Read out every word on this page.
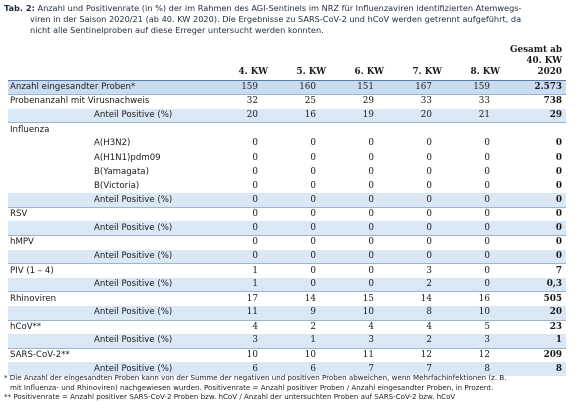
Tab. 2: Anzahl und Positivenrate (in %) der im Rahmen des AGI-Sentinels im NRZ für Influenzaviren identifizierten Atemwegs-
viren in der Saison 2020/21 (ab 40. KW 2020). Die Ergebnisse zu SARS-CoV-2 und hCoV werden getrennt aufgeführt, da
nicht alle Sentinelproben auf diese Erreger untersucht werden konnten.
	4. KW	5. KW	6. KW	7. KW	8. KW	Gesamt ab
40. KW 2020
Anzahl eingesandter Proben*	159	160	151	167	159	2.573
Probenanzahl mit Virusnachweis	32	25	29	33	33	738
Anteil Positive (%)	20	16	19	20	21	29
Influenza						
A(H3N2)	0	0	0	0	0	0
A(H1N1)pdm09	0	0	0	0	0	0
B(Yamagata)	0	0	0	0	0	0
B(Victoria)	0	0	0	0	0	0
Anteil Positive (%)	0	0	0	0	0	0
RSV	0	0	0	0	0	0
Anteil Positive (%)	0	0	0	0	0	0
hMPV	0	0	0	0	0	0
Anteil Positive (%)	0	0	0	0	0	0
PIV (1 – 4)	1	0	0	3	0	7
Anteil Positive (%)	1	0	0	2	0	0,3
Rhinoviren	17	14	15	14	16	505
Anteil Positive (%)	11	9	10	8	10	20
hCoV**	4	2	4	4	5	23
Anteil Positive (%)	3	1	3	2	3	1
SARS-CoV-2**	10	10	11	12	12	209
Anteil Positive (%)	6	6	7	7	8	8
* Die Anzahl der eingesandten Proben kann von der Summe der negativen und positiven Proben abweichen, wenn Mehrfachinfektionen (z. B.
mit Influenza- und Rhinoviren) nachgewiesen wurden. Positivenrate = Anzahl positiver Proben / Anzahl eingesandter Proben, in Prozent.
** Positivenrate = Anzahl positiver SARS-CoV-2 Proben bzw. hCoV / Anzahl der untersuchten Proben auf SARS-CoV-2 bzw. hCoV
